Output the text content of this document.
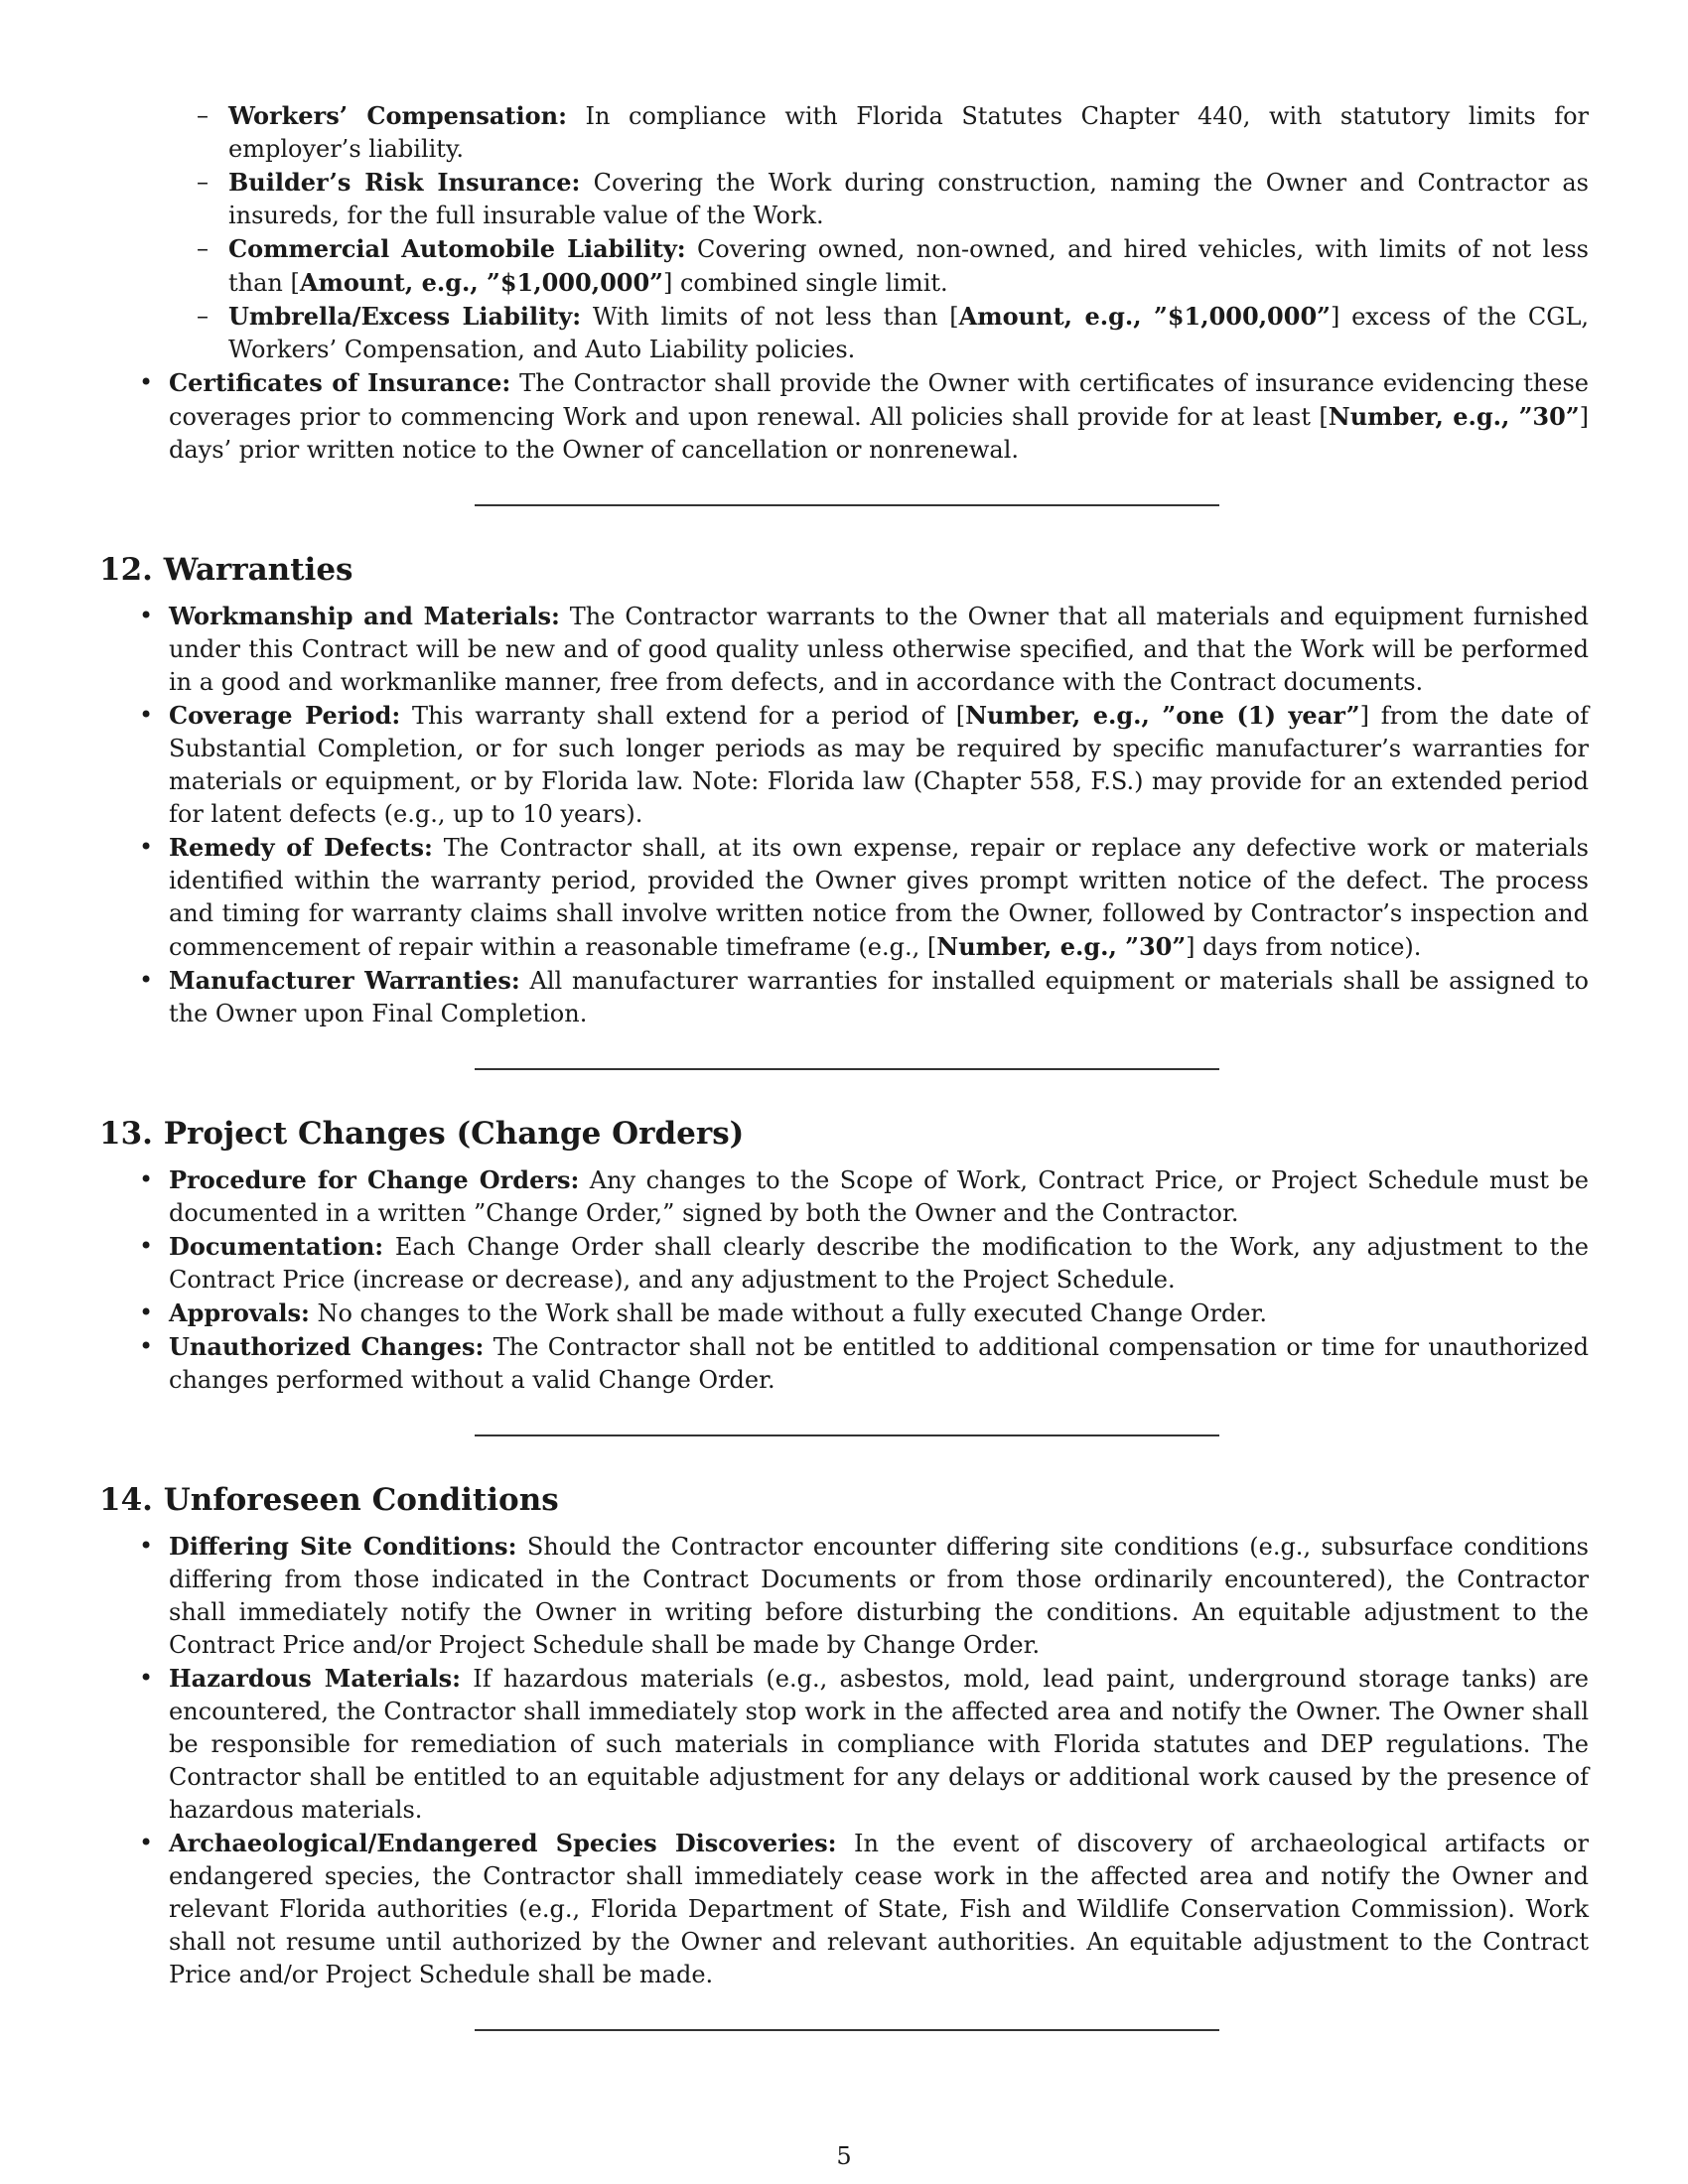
– Workers’ Compensation: In compliance with Florida Statutes Chapter 440, with statutory limits for employer’s liability.
– Builder’s Risk Insurance: Covering the Work during construction, naming the Owner and Contractor as insureds, for the full insurable value of the Work.
– Commercial Automobile Liability: Covering owned, non-owned, and hired vehicles, with limits of not less than [Amount, e.g., ”$1,000,000”] combined single limit.
– Umbrella/Excess Liability: With limits of not less than [Amount, e.g., ”$1,000,000”] excess of the CGL, Workers’ Compensation, and Auto Liability policies.
• Certificates of Insurance: The Contractor shall provide the Owner with certificates of insurance evidencing these coverages prior to commencing Work and upon renewal. All policies shall provide for at least [Number, e.g., ”30”] days’ prior written notice to the Owner of cancellation or nonrenewal.
12. Warranties
• Workmanship and Materials: The Contractor warrants to the Owner that all materials and equipment furnished under this Contract will be new and of good quality unless otherwise specified, and that the Work will be performed in a good and workmanlike manner, free from defects, and in accordance with the Contract documents.
• Coverage Period: This warranty shall extend for a period of [Number, e.g., ”one (1) year”] from the date of Substantial Completion, or for such longer periods as may be required by specific manufacturer’s warranties for materials or equipment, or by Florida law. Note: Florida law (Chapter 558, F.S.) may provide for an extended period for latent defects (e.g., up to 10 years).
• Remedy of Defects: The Contractor shall, at its own expense, repair or replace any defective work or materials identified within the warranty period, provided the Owner gives prompt written notice of the defect. The process and timing for warranty claims shall involve written notice from the Owner, followed by Contractor’s inspection and commencement of repair within a reasonable timeframe (e.g., [Number, e.g., ”30”] days from notice).
• Manufacturer Warranties: All manufacturer warranties for installed equipment or materials shall be assigned to the Owner upon Final Completion.
13. Project Changes (Change Orders)
• Procedure for Change Orders: Any changes to the Scope of Work, Contract Price, or Project Schedule must be documented in a written ”Change Order,” signed by both the Owner and the Contractor.
• Documentation: Each Change Order shall clearly describe the modification to the Work, any adjustment to the Contract Price (increase or decrease), and any adjustment to the Project Schedule.
• Approvals: No changes to the Work shall be made without a fully executed Change Order.
• Unauthorized Changes: The Contractor shall not be entitled to additional compensation or time for unauthorized changes performed without a valid Change Order.
14. Unforeseen Conditions
• Differing Site Conditions: Should the Contractor encounter differing site conditions (e.g., subsurface conditions differing from those indicated in the Contract Documents or from those ordinarily encountered), the Contractor shall immediately notify the Owner in writing before disturbing the conditions. An equitable adjustment to the Contract Price and/or Project Schedule shall be made by Change Order.
• Hazardous Materials: If hazardous materials (e.g., asbestos, mold, lead paint, underground storage tanks) are encountered, the Contractor shall immediately stop work in the affected area and notify the Owner. The Owner shall be responsible for remediation of such materials in compliance with Florida statutes and DEP regulations. The Contractor shall be entitled to an equitable adjustment for any delays or additional work caused by the presence of hazardous materials.
• Archaeological/Endangered Species Discoveries: In the event of discovery of archaeological artifacts or endangered species, the Contractor shall immediately cease work in the affected area and notify the Owner and relevant Florida authorities (e.g., Florida Department of State, Fish and Wildlife Conservation Commission). Work shall not resume until authorized by the Owner and relevant authorities. An equitable adjustment to the Contract Price and/or Project Schedule shall be made.
5
